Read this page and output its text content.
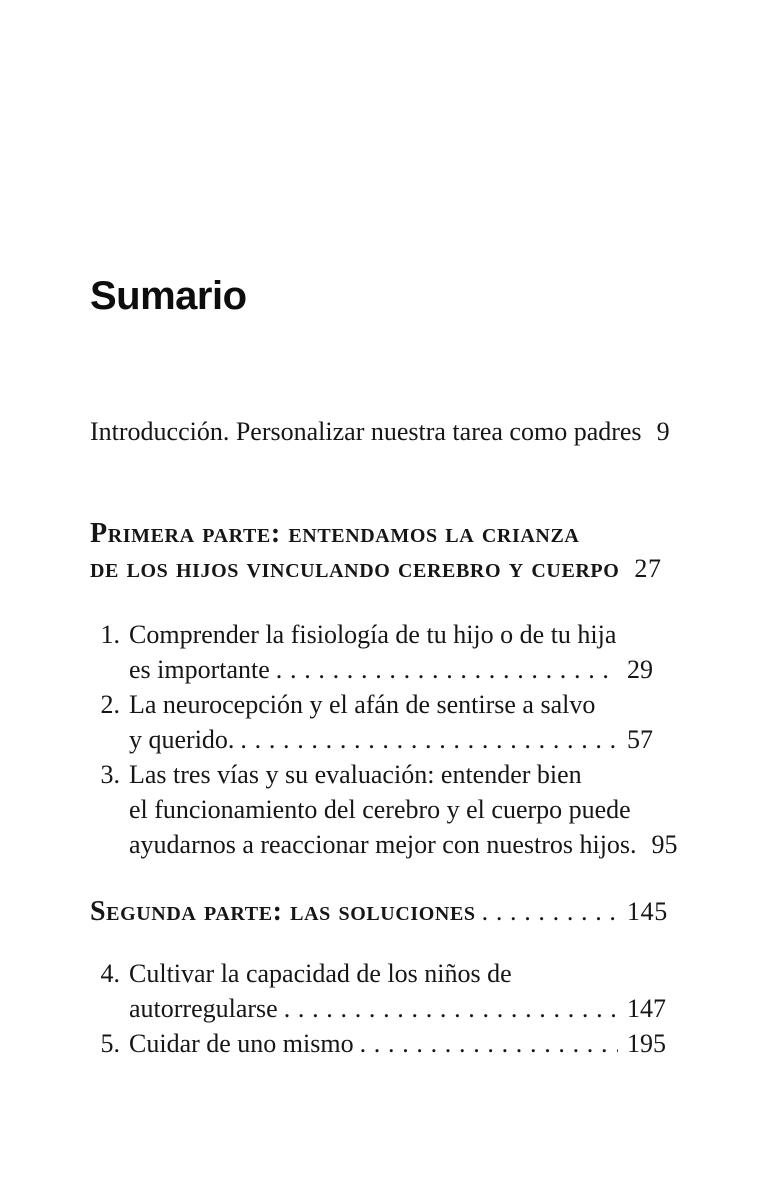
Sumario
Introducción. Personalizar nuestra tarea como padres . . . 9
Primera parte: entendamos la crianza
de los hijos vinculando cerebro y cuerpo . . . 27
1. Comprender la fisiología de tu hijo o de tu hija
es importante . . .	29
2. La neurocepción y el afán de sentirse a salvo
y querido. . . .	57
3. Las tres vías y su evaluación: entender bien
el funcionamiento del cerebro y el cuerpo puede
ayudarnos a reaccionar mejor con nuestros hijos. . . . 95
Segunda parte: las soluciones . . .	145
4. Cultivar la capacidad de los niños de
autorregularse . . .	147
5. Cuidar de uno mismo . . .	195
